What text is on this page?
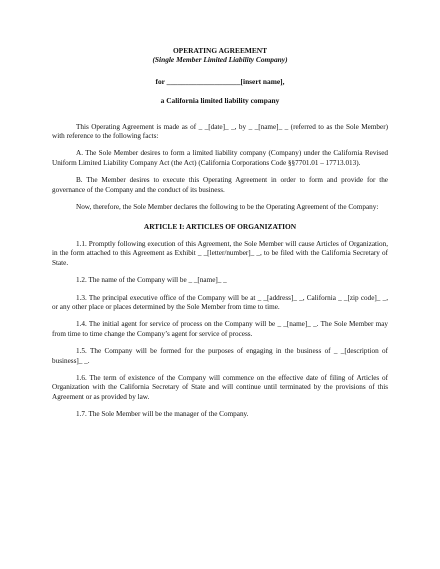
OPERATING AGREEMENT
(Single Member Limited Liability Company)
for ____________________[insert name],
a California limited liability company

This Operating Agreement is made as of _ _[date]_ _, by _ _[name]_ _ (referred to as the Sole Member) with reference to the following facts:

A. The Sole Member desires to form a limited liability company (Company) under the California Revised Uniform Limited Liability Company Act (the Act) (California Corporations Code §§7701.01 – 17713.013).

B. The Member desires to execute this Operating Agreement in order to form and provide for the governance of the Company and the conduct of its business.

Now, therefore, the Sole Member declares the following to be the Operating Agreement of the Company:

ARTICLE I: ARTICLES OF ORGANIZATION

1.1. Promptly following execution of this Agreement, the Sole Member will cause Articles of Organization, in the form attached to this Agreement as Exhibit _ _[letter/number]_ _, to be filed with the California Secretary of State.

1.2. The name of the Company will be _ _[name]_ _

1.3. The principal executive office of the Company will be at _ _[address]_ _, California _ _[zip code]_ _, or any other place or places determined by the Sole Member from time to time.

1.4. The initial agent for service of process on the Company will be _ _[name]_ _. The Sole Member may from time to time change the Company’s agent for service of process.

1.5. The Company will be formed for the purposes of engaging in the business of _ _[description of business]_ _.

1.6. The term of existence of the Company will commence on the effective date of filing of Articles of Organization with the California Secretary of State and will continue until terminated by the provisions of this Agreement or as provided by law.

1.7. The Sole Member will be the manager of the Company.
